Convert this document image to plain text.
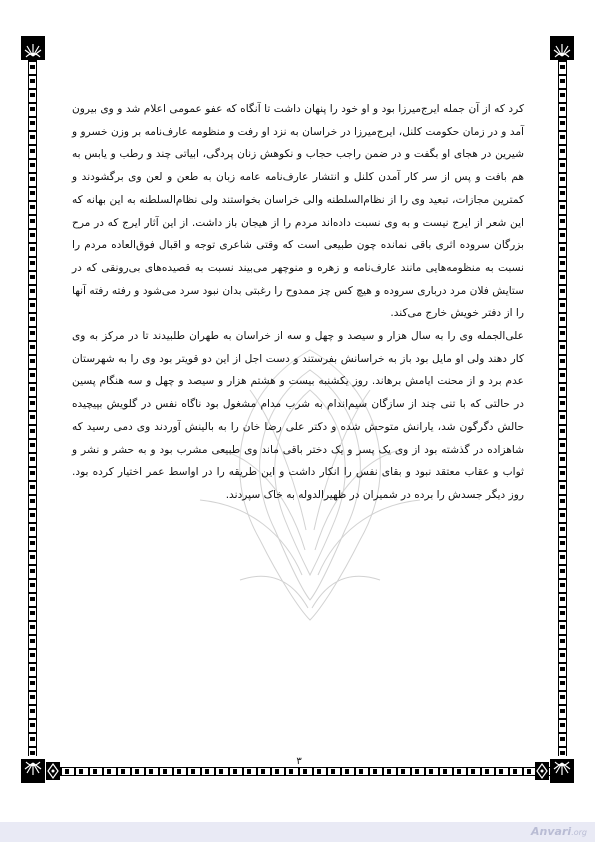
کرد که از آن جمله ایرج‌میرزا بود و او خود را پنهان داشت تا آنگاه که عفو عمومی اعلام شد و وی بیرون آمد و در زمان حکومت کلنل، ایرج‌میرزا در خراسان به نزد او رفت و منظومه عارف‌نامه بر وزن خسرو و شیرین در هجای او بگفت و در ضمن راجب حجاب و نکوهش زنان پردگی، ابیاتی چند و رطب و یابس به هم بافت و پس از سر کار آمدن کلنل و انتشار عارف‌نامه عامه زبان به طعن و لعن وی برگشودند و کمترین مجازات، تبعید وی را از نظام‌السلطنه والی خراسان بخواستند ولی نظام‌السلطنه به این بهانه که این شعر از ایرج نیست و به وی نسبت داده‌اند مردم را از هیجان باز داشت. از این آثار ایرج که در مرح بزرگان سروده اثری باقی نمانده چون طبیعی است که وقتی شاعری توجه و اقبال فوق‌العاده مردم را نسبت به منظومه‌هایی مانند عارف‌نامه و زهره و منوچهر می‌بیند نسبت به قصیده‌های بی‌رونقی که در ستایش فلان مرد درباری سروده و هیچ کس چز ممدوح را رغبتی بدان نبود سرد می‌شود و رفته رفته آنها را از دفتر خویش خارج می‌کند.

علی‌الجمله وی را به سال هزار و سیصد و چهل و سه از خراسان به طهران طلبیدند تا در مرکز به وی کار دهند ولی او مایل بود باز به خراسانش بفرستند و دست اجل از این دو قویتر بود وی را به شهرستان عدم برد و از محنت ایامش برهاند. روز یکشنبه بیست و هشتم هزار و سیصد و چهل و سه هنگام پسین در حالتی که با تنی چند از سازگان سیم‌اندام به شرب مدام مشغول بود ناگاه نفس در گلویش بپیچیده حالش دگرگون شد، یارانش متوحش شده و دکتر علی رضا خان را به بالینش آوردند وی دمی رسید که شاهزاده در گذشته بود از وی یک پسر و یک دختر باقی ماند وی طبیعی مشرب بود و به حشر و نشر و ثواب و عقاب معتقد نبود و بقای نفس را انکار داشت و این طریقه را در اواسط عمر اختیار کرده بود. روز دیگر جسدش را برده در شمیران در ظهیرالدوله به خاک سپردند.

۳
Anvari.org
